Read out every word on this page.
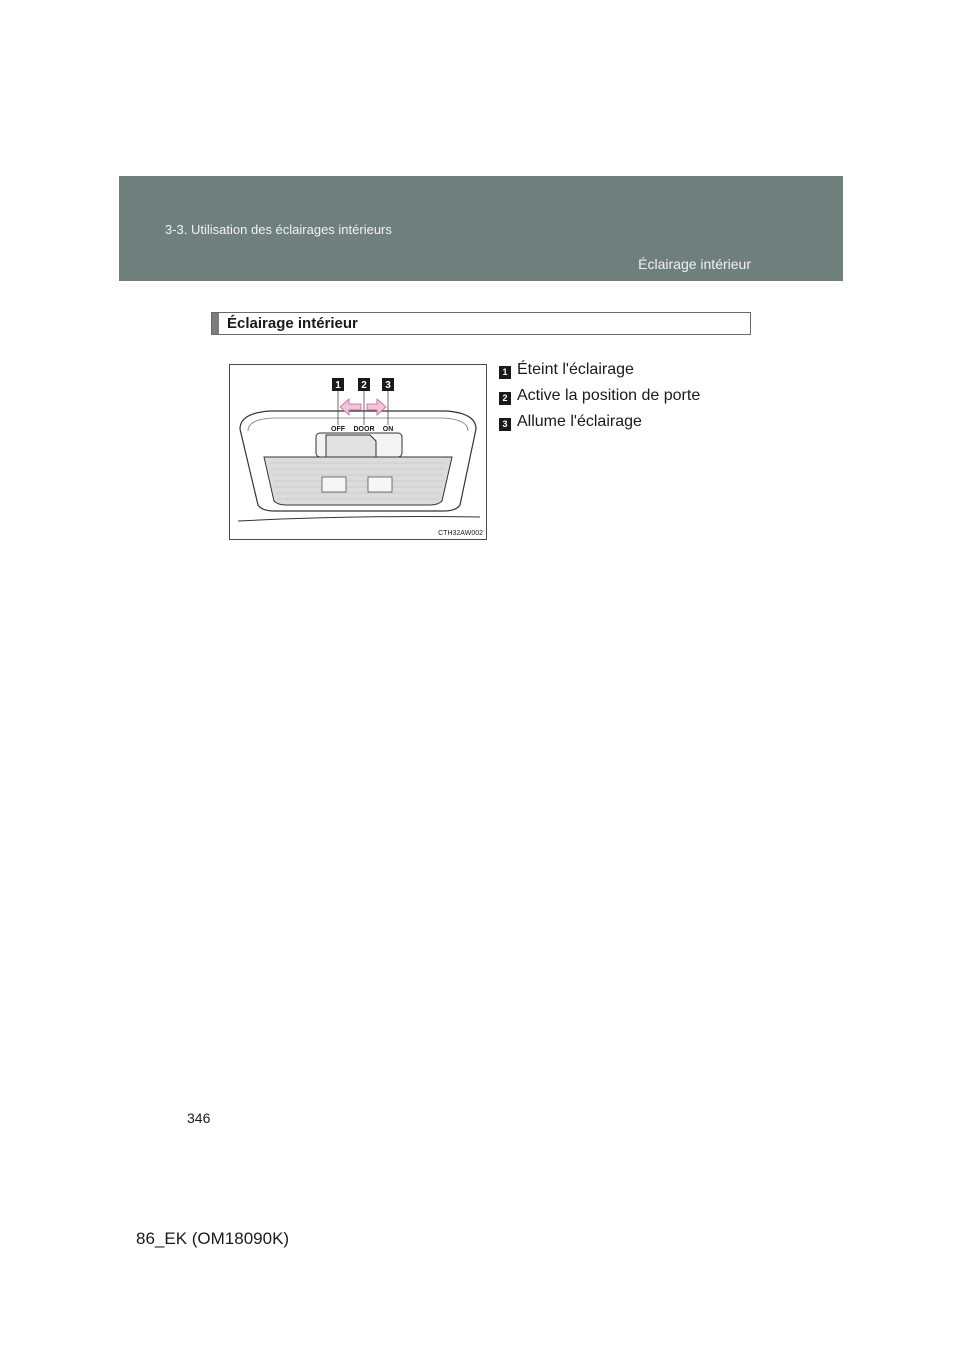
3-3. Utilisation des éclairages intérieurs
Éclairage intérieur
Éclairage intérieur
1 2 3
OFF DOOR ON
CTH32AW002
1 Éteint l'éclairage
2 Active la position de porte
3 Allume l'éclairage
346
86_EK (OM18090K)
